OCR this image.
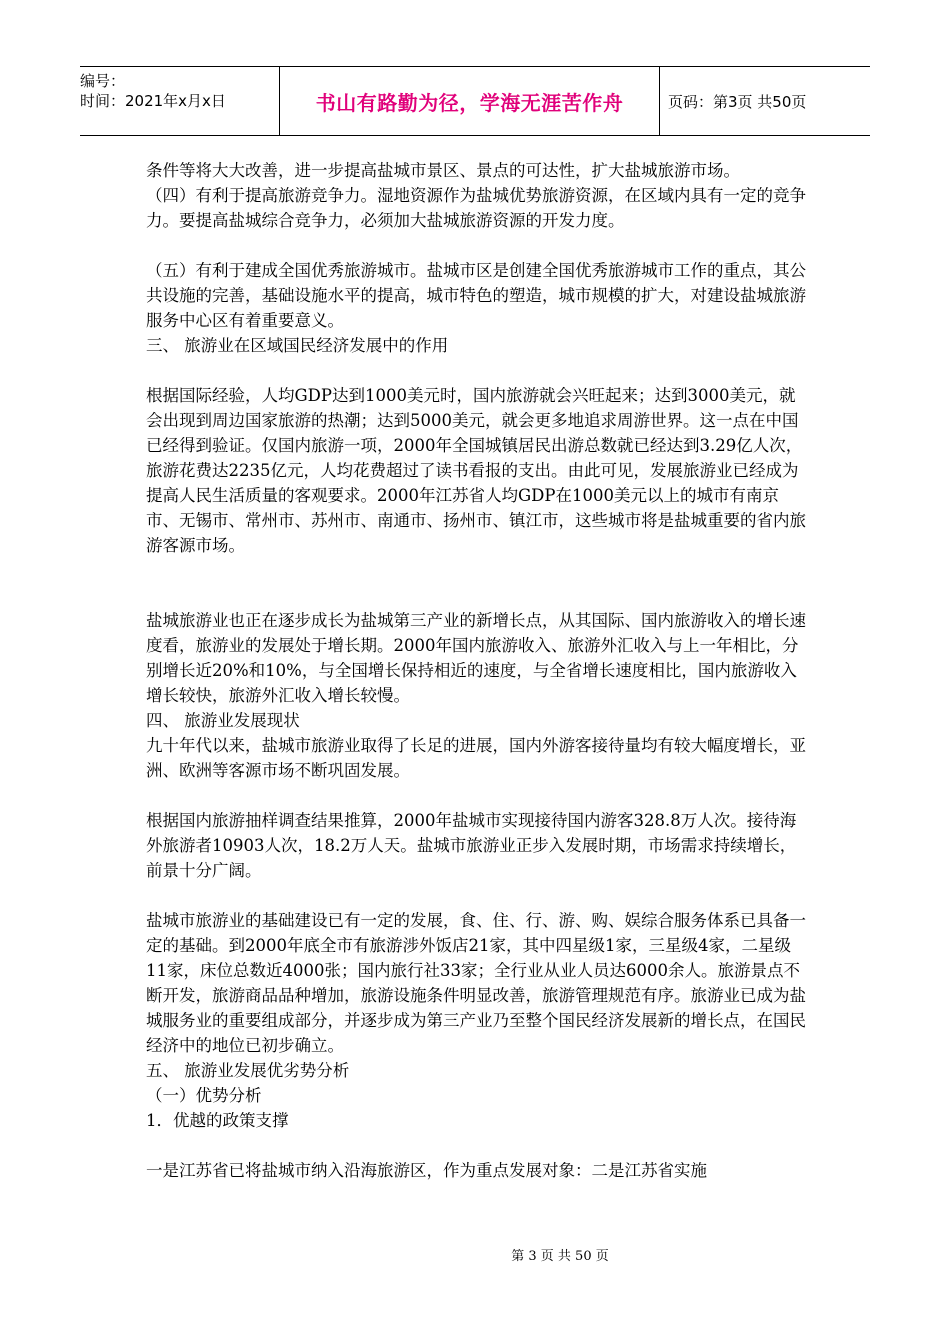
编号：
时间：2021年x月x日	书山有路勤为径，学海无涯苦作舟	页码：第3页 共50页

条件等将大大改善，进一步提高盐城市景区、景点的可达性，扩大盐城旅游市场。

（四）有利于提高旅游竞争力。湿地资源作为盐城优势旅游资源，在区域内具有一定的竞争力。要提高盐城综合竞争力，必须加大盐城旅游资源的开发力度。

（五）有利于建成全国优秀旅游城市。盐城市区是创建全国优秀旅游城市工作的重点，其公共设施的完善，基础设施水平的提高，城市特色的塑造，城市规模的扩大，对建设盐城旅游服务中心区有着重要意义。

三、 旅游业在区域国民经济发展中的作用

根据国际经验，人均GDP达到1000美元时，国内旅游就会兴旺起来；达到3000美元，就会出现到周边国家旅游的热潮；达到5000美元，就会更多地追求周游世界。这一点在中国已经得到验证。仅国内旅游一项，2000年全国城镇居民出游总数就已经达到3.29亿人次，旅游花费达2235亿元，人均花费超过了读书看报的支出。由此可见，发展旅游业已经成为提高人民生活质量的客观要求。2000年江苏省人均GDP在1000美元以上的城市有南京市、无锡市、常州市、苏州市、南通市、扬州市、镇江市，这些城市将是盐城重要的省内旅游客源市场。

盐城旅游业也正在逐步成长为盐城第三产业的新增长点，从其国际、国内旅游收入的增长速度看，旅游业的发展处于增长期。2000年国内旅游收入、旅游外汇收入与上一年相比，分别增长近20%和10%，与全国增长保持相近的速度，与全省增长速度相比，国内旅游收入增长较快，旅游外汇收入增长较慢。

四、 旅游业发展现状

九十年代以来，盐城市旅游业取得了长足的进展，国内外游客接待量均有较大幅度增长，亚洲、欧洲等客源市场不断巩固发展。

根据国内旅游抽样调查结果推算，2000年盐城市实现接待国内游客328.8万人次。接待海外旅游者10903人次，18.2万人天。盐城市旅游业正步入发展时期，市场需求持续增长，前景十分广阔。

盐城市旅游业的基础建设已有一定的发展，食、住、行、游、购、娱综合服务体系已具备一定的基础。到2000年底全市有旅游涉外饭店21家，其中四星级1家，三星级4家，二星级11家，床位总数近4000张；国内旅行社33家；全行业从业人员达6000余人。旅游景点不断开发，旅游商品品种增加，旅游设施条件明显改善，旅游管理规范有序。旅游业已成为盐城服务业的重要组成部分，并逐步成为第三产业乃至整个国民经济发展新的增长点，在国民经济中的地位已初步确立。

五、 旅游业发展优劣势分析

（一）优势分析

1．优越的政策支撑

一是江苏省已将盐城市纳入沿海旅游区，作为重点发展对象：二是江苏省实施

第 3 页 共 50 页
